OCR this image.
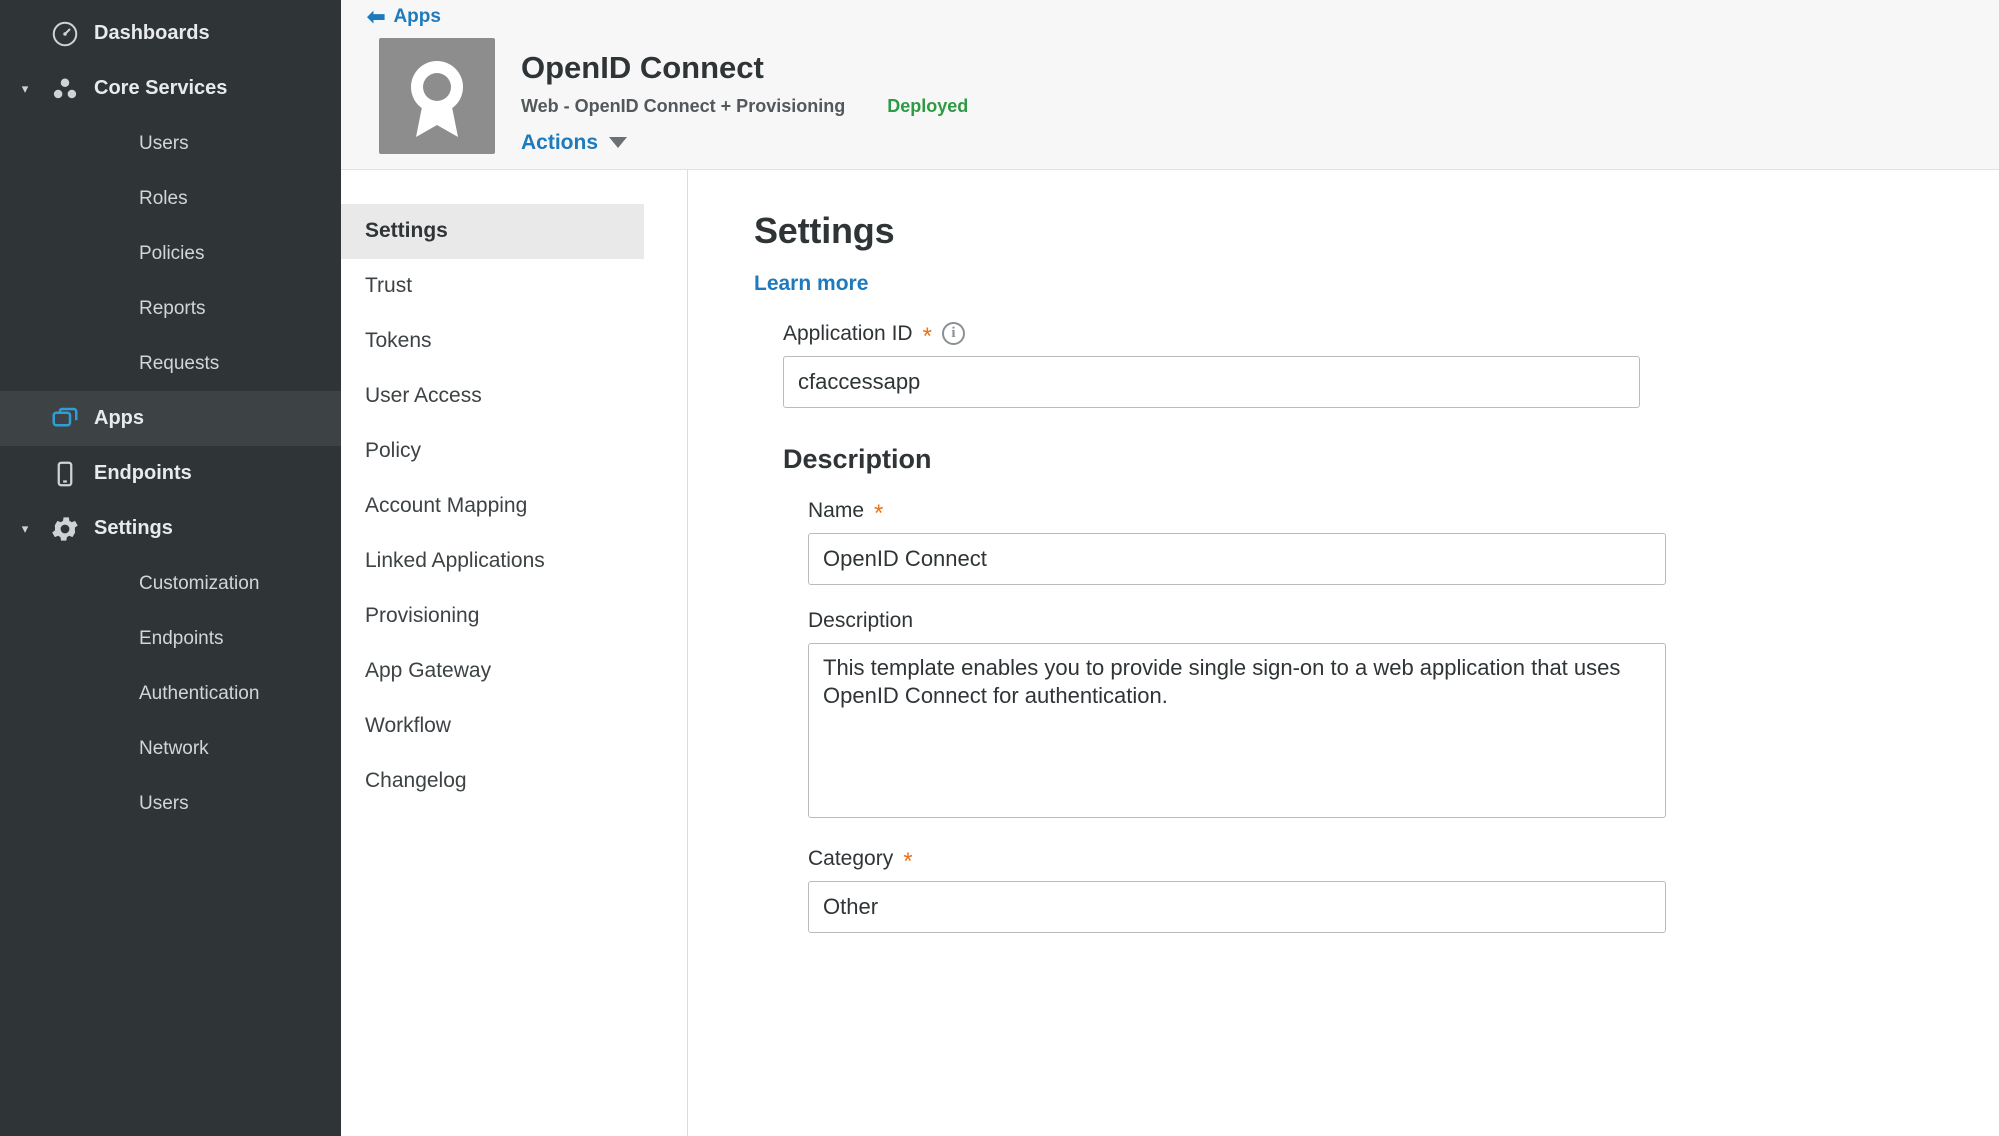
Dashboards
▾	Core Services
Users
Roles
Policies
Reports
Requests
Apps
Endpoints
▾	Settings
Customization
Endpoints
Authentication
Network
Users
⬅ Apps
OpenID Connect
Web - OpenID Connect + Provisioning Deployed
Actions
Settings
Trust
Tokens
User Access
Policy
Account Mapping
Linked Applications
Provisioning
App Gateway
Workflow
Changelog
Settings
Learn more
Application ID *	i
cfaccessapp
Description
Name *
OpenID Connect
Description
This template enables you to provide single sign-on to a web application that uses OpenID Connect for authentication.
Category *
Other
